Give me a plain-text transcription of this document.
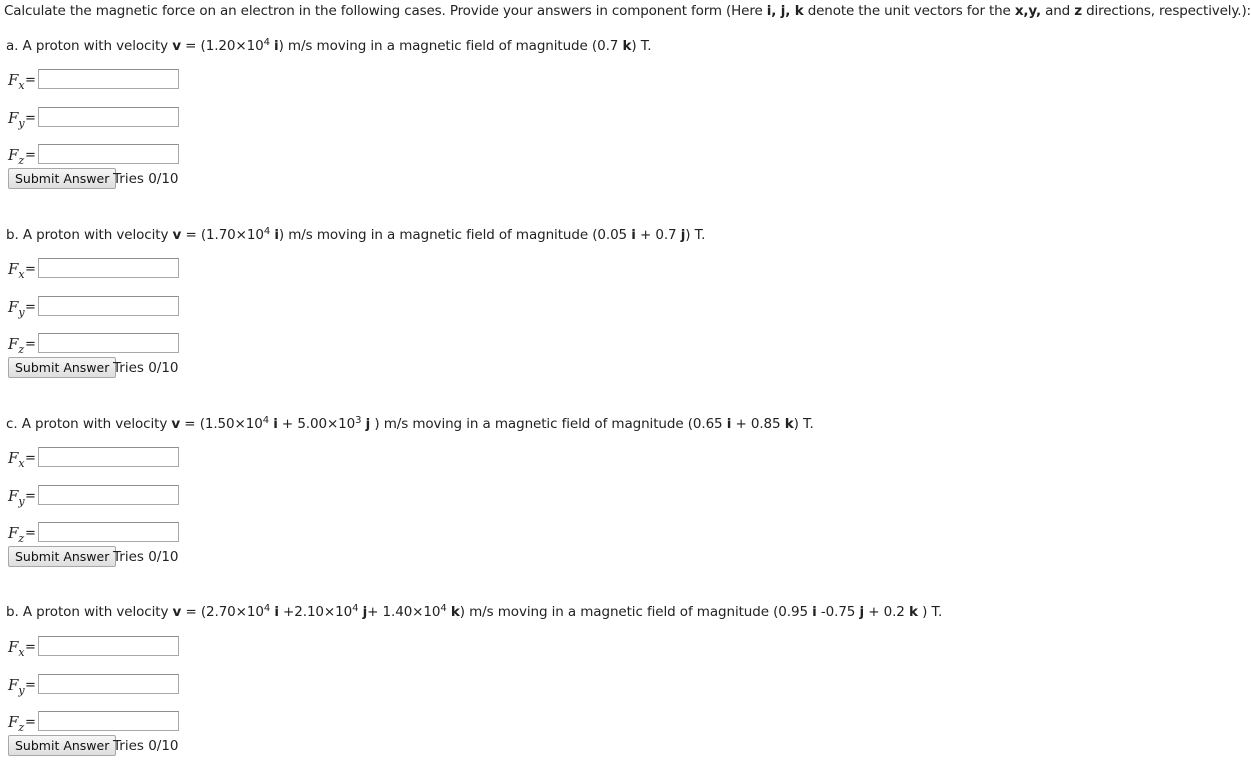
Calculate the magnetic force on an electron in the following cases. Provide your answers in component form (Here i, j, k denote the unit vectors for the x,y, and z directions, respectively.):
a. A proton with velocity $v = (1.20\times 10^4$ i) m/s moving in a magnetic field of magnitude (0.7 k) T.
$F_x$ =
$F_y$ =
$F_z$ =
Submit Answer Tries 0/10
b. A proton with velocity $v = (1.70\times 10^4$ i) m/s moving in a magnetic field of magnitude (0.05 i + 0.7 j) T.
$F_x$ =
$F_y$ =
$F_z$ =
Submit Answer Tries 0/10
c. A proton with velocity $v = (1.50\times 10^4$ $i + 5.00\times 10^3$ j ) m/s moving in a magnetic field of magnitude (0.65 i + 0.85 k) T.
$F_x$ =
$F_y$ =
$F_z$ =
Submit Answer Tries 0/10
b. A proton with velocity $v = (2.70\times 10^4$ $i +2.10\times 10^4$ $j+ 1.40\times 10^4$ k) m/s moving in a magnetic field of magnitude (0.95 i -0.75 j + 0.2 k ) T.
$F_x$ =
$F_y$ =
$F_z$ =
Submit Answer Tries 0/10
